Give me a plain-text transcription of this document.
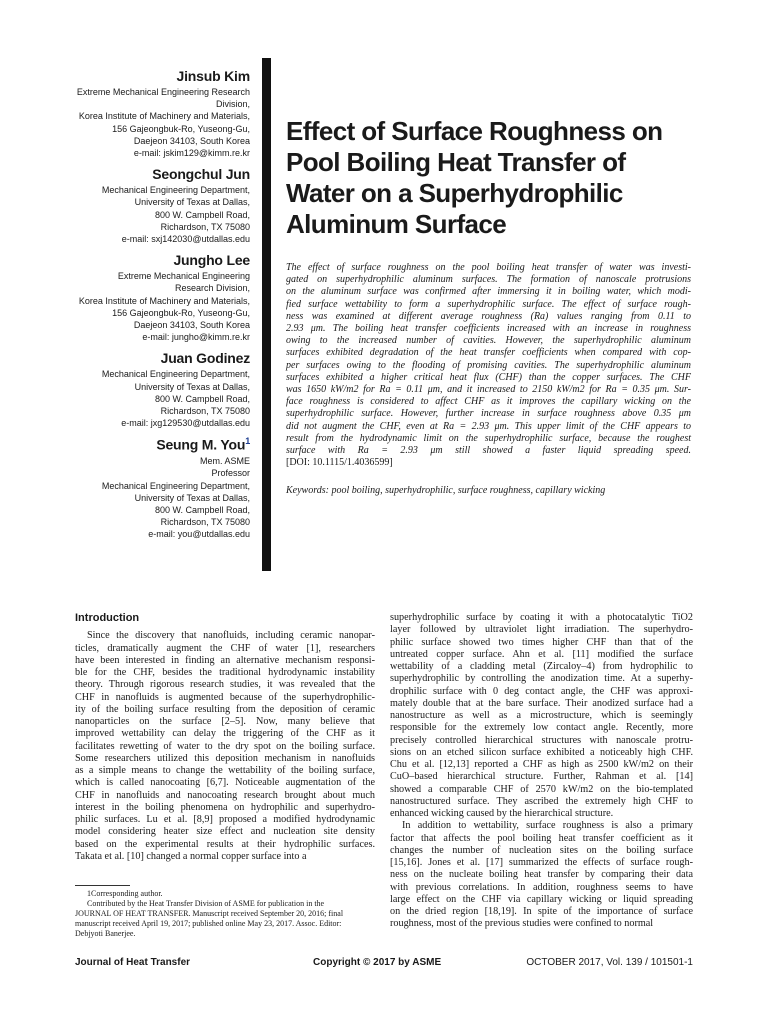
Jinsub Kim
Extreme Mechanical Engineering Research
Division,
Korea Institute of Machinery and Materials,
156 Gajeongbuk-Ro, Yuseong-Gu,
Daejeon 34103, South Korea
e-mail: jskim129@kimm.re.kr
Seongchul Jun
Mechanical Engineering Department,
University of Texas at Dallas,
800 W. Campbell Road,
Richardson, TX 75080
e-mail: sxj142030@utdallas.edu
Jungho Lee
Extreme Mechanical Engineering
Research Division,
Korea Institute of Machinery and Materials,
156 Gajeongbuk-Ro, Yuseong-Gu,
Daejeon 34103, South Korea
e-mail: jungho@kimm.re.kr
Juan Godinez
Mechanical Engineering Department,
University of Texas at Dallas,
800 W. Campbell Road,
Richardson, TX 75080
e-mail: jxg129530@utdallas.edu
Seung M. You$^1$
Mem. ASME
Professor
Mechanical Engineering Department,
University of Texas at Dallas,
800 W. Campbell Road,
Richardson, TX 75080
e-mail: you@utdallas.edu
Effect of Surface Roughness on
Pool Boiling Heat Transfer of
Water on a Superhydrophilic
Aluminum Surface
The effect of surface roughness on the pool boiling heat transfer of water was investi-
gated on superhydrophilic aluminum surfaces. The formation of nanoscale protrusions
on the aluminum surface was confirmed after immersing it in boiling water, which modi-
fied surface wettability to form a superhydrophilic surface. The effect of surface rough-
ness was examined at different average roughness (Ra) values ranging from 0.11 to
2.93 μm. The boiling heat transfer coefficients increased with an increase in roughness
owing to the increased number of cavities. However, the superhydrophilic aluminum
surfaces exhibited degradation of the heat transfer coefficients when compared with cop-
per surfaces owing to the flooding of promising cavities. The superhydrophilic aluminum
surfaces exhibited a higher critical heat flux (CHF) than the copper surfaces. The CHF
was 1650 kW/m2 for Ra = 0.11 μm, and it increased to 2150 kW/m2 for Ra = 0.35 μm. Sur-
face roughness is considered to affect CHF as it improves the capillary wicking on the
superhydrophilic surface. However, further increase in surface roughness above 0.35 μm
did not augment the CHF, even at Ra = 2.93 μm. This upper limit of the CHF appears to
result from the hydrodynamic limit on the superhydrophilic surface, because the roughest
surface with Ra = 2.93 μm still showed a faster liquid spreading speed.
[DOI: 10.1115/1.4036599]
Keywords: pool boiling, superhydrophilic, surface roughness, capillary wicking
Introduction
Since the discovery that nanofluids, including ceramic nanopar-
ticles, dramatically augment the CHF of water [1], researchers
have been interested in finding an alternative mechanism responsi-
ble for the CHF, besides the traditional hydrodynamic instability
theory. Through rigorous research studies, it was revealed that the
CHF in nanofluids is augmented because of the superhydrophilic-
ity of the boiling surface resulting from the deposition of ceramic
nanoparticles on the surface [2–5]. Now, many believe that
improved wettability can delay the triggering of the CHF as it
facilitates rewetting of water to the dry spot on the boiling surface.
Some researchers utilized this deposition mechanism in nanofluids
as a simple means to change the wettability of the boiling surface,
which is called nanocoating [6,7]. Noticeable augmentation of the
CHF in nanofluids and nanocoating research brought about much
interest in the boiling phenomena on hydrophilic and superhydro-
philic surfaces. Lu et al. [8,9] proposed a modified hydrodynamic
model considering heater size effect and nucleation site density
based on the experimental results at their hydrophilic surfaces.
Takata et al. [10] changed a normal copper surface into a
superhydrophilic surface by coating it with a photocatalytic TiO2
layer followed by ultraviolet light irradiation. The superhydro-
philic surface showed two times higher CHF than that of the
untreated copper surface. Ahn et al. [11] modified the surface
wettability of a cladding metal (Zircaloy–4) from hydrophilic to
superhydrophilic by controlling the anodization time. At a superhy-
drophilic surface with 0 deg contact angle, the CHF was approxi-
mately double that at the bare surface. Their anodized surface had a
nanostructure as well as a microstructure, which is seemingly
responsible for the extremely low contact angle. Recently, more
precisely controlled hierarchical structures with nanoscale protru-
sions on an etched silicon surface exhibited a noticeably high CHF.
Chu et al. [12,13] reported a CHF as high as 2500 kW/m2 on their
CuO–based hierarchical structure. Further, Rahman et al. [14]
showed a comparable CHF of 2570 kW/m2 on the bio-templated
nanostructured surface. They ascribed the extremely high CHF to
enhanced wicking caused by the hierarchical structure.
In addition to wettability, surface roughness is also a primary
factor that affects the pool boiling heat transfer coefficient as it
changes the number of nucleation sites on the boiling surface
[15,16]. Jones et al. [17] summarized the effects of surface rough-
ness on the nucleate boiling heat transfer by comparing their data
with previous correlations. In addition, roughness seems to have
large effect on the CHF via capillary wicking or liquid spreading
on the dried region [18,19]. In spite of the importance of surface
roughness, most of the previous studies were confined to normal
1Corresponding author.
Contributed by the Heat Transfer Division of ASME for publication in the
JOURNAL OF HEAT TRANSFER. Manuscript received September 20, 2016; final
manuscript received April 19, 2017; published online May 23, 2017. Assoc. Editor:
Debjyoti Banerjee.
Journal of Heat Transfer	Copyright © 2017 by ASME	OCTOBER 2017, Vol. 139 / 101501-1
